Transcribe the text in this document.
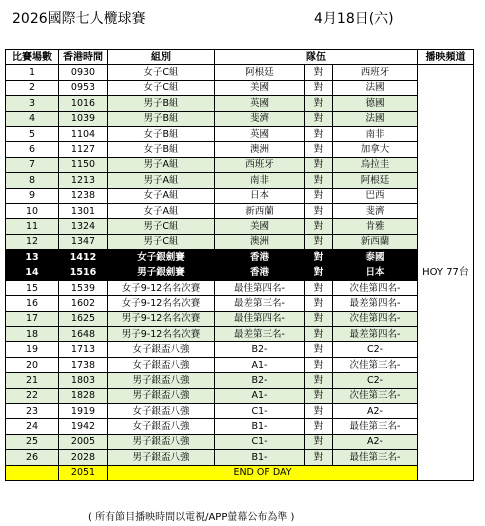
2026國際七人欖球賽	4月18日(六)
比賽場數	香港時間	組別	隊伍			播映頻道
1	0930	女子C組	阿根廷	對	西班牙	HOY 77台
2	0953	女子C組	美國	對	法國	
3	1016	男子B組	英國	對	德國	
4	1039	男子B組	斐濟	對	法國	
5	1104	女子B組	英國	對	南非	
6	1127	女子B組	澳洲	對	加拿大	
7	1150	男子A組	西班牙	對	烏拉圭	
8	1213	男子A組	南非	對	阿根廷	
9	1238	女子A組	日本	對	巴西	
10	1301	女子A組	新西蘭	對	斐濟	
11	1324	男子C組	美國	對	肯雅	
12	1347	男子C組	澳洲	對	新西蘭	
13	1412	女子銀劍賽	香港	對	泰國	
14	1516	男子銀劍賽	香港	對	日本	
15	1539	女子9-12名名次賽	最佳第四名-	對	次佳第四名-	
16	1602	女子9-12名名次賽	最差第三名-	對	最差第四名-	
17	1625	男子9-12名名次賽	最佳第四名-	對	次佳第四名-	
18	1648	男子9-12名名次賽	最差第三名-	對	最差第四名-	
19	1713	女子銀盃八強	B2-	對	C2-	
20	1738	女子銀盃八強	A1-	對	次佳第三名-	
21	1803	男子銀盃八強	B2-	對	C2-	
22	1828	男子銀盃八強	A1-	對	次佳第三名-	
23	1919	女子銀盃八強	C1-	對	A2-	
24	1942	女子銀盃八強	B1-	對	最佳第三名-	
25	2005	男子銀盃八強	C1-	對	A2-	
26	2028	男子銀盃八強	B1-	對	最佳第三名-	
	2051	END OF DAY				
( 所有節目播映時間以電視/APP螢幕公布為準 )
